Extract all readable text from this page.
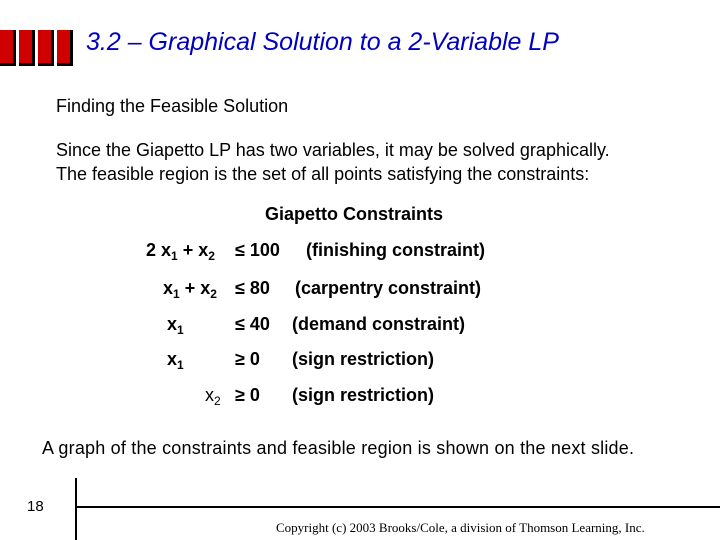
3.2 – Graphical Solution to a 2-Variable LP
Finding the Feasible Solution
Since the Giapetto LP has two variables, it may be solved graphically.
The feasible region is the set of all points satisfying the constraints:
Giapetto Constraints
2 $x_1 + x_2 \le 100$ (finishing constraint)
$x_1 + x_2 \le 80$ (carpentry constraint)
$x_1$	≤ 40 (demand constraint)
$x_1$	≥ 0 (sign restriction)
$x_2 \ge 0$ (sign restriction)
A graph of the constraints and feasible region is shown on the next slide.
18
Copyright (c) 2003 Brooks/Cole, a division of Thomson Learning, Inc.
